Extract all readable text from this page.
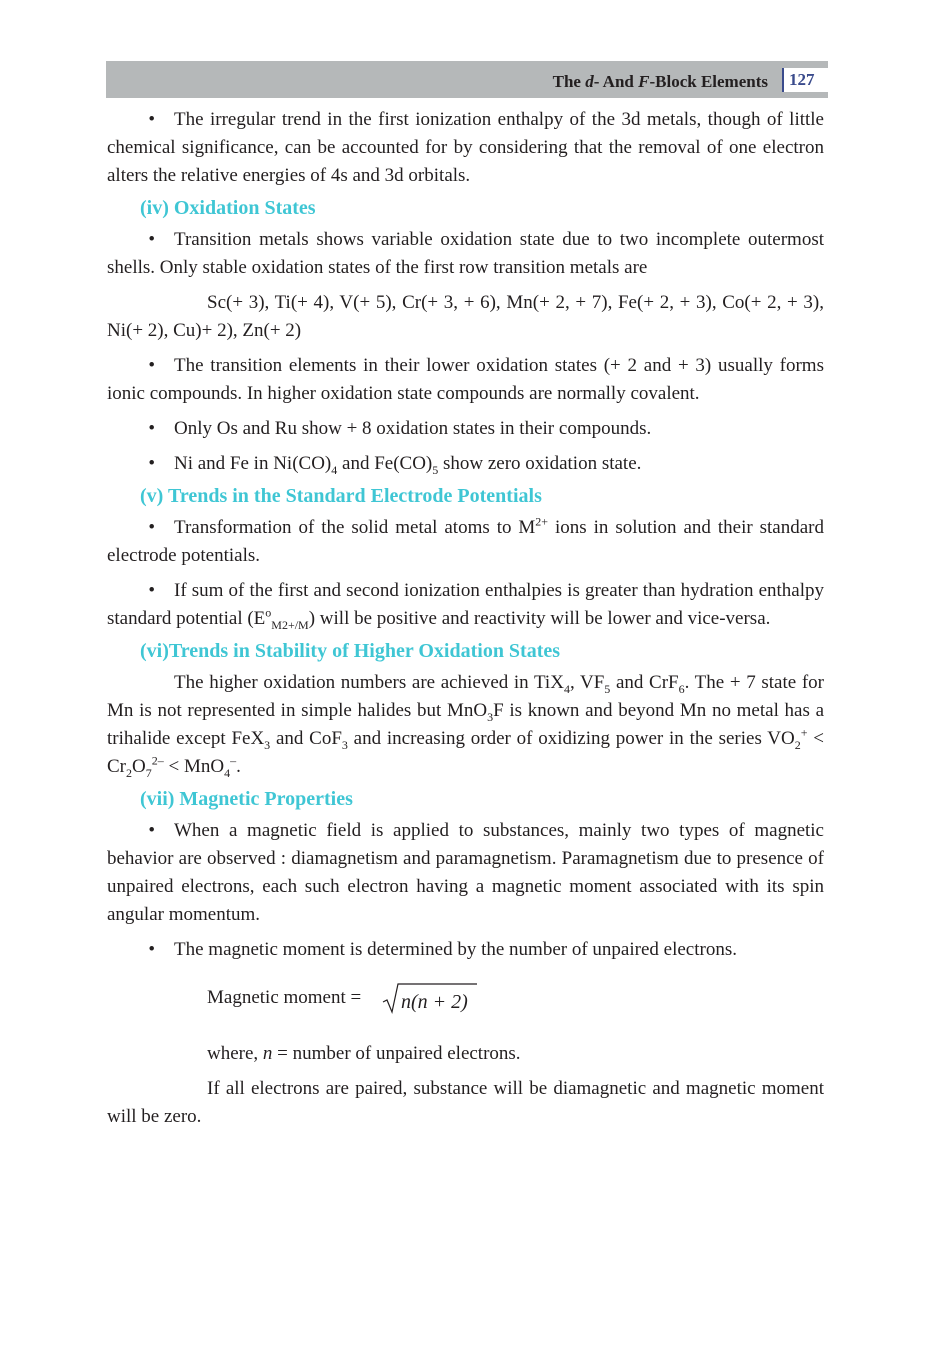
The d- And F-Block Elements 127

• The irregular trend in the first ionization enthalpy of the 3d metals, though of little chemical significance, can be accounted for by considering that the removal of one electron alters the relative energies of 4s and 3d orbitals.

(iv) Oxidation States

• Transition metals shows variable oxidation state due to two incomplete outermost shells. Only stable oxidation states of the first row transition metals are

Sc(+ 3), Ti(+ 4), V(+ 5), Cr(+ 3, + 6), Mn(+ 2, + 7), Fe(+ 2, + 3), Co(+ 2, + 3), Ni(+ 2), Cu)+ 2), Zn(+ 2)

• The transition elements in their lower oxidation states (+ 2 and + 3) usually forms ionic compounds. In higher oxidation state compounds are normally covalent.

• Only Os and Ru show + 8 oxidation states in their compounds.

• Ni and Fe in $Ni(CO)_4$ and $Fe(CO)_5$ show zero oxidation state.

(v) Trends in the Standard Electrode Potentials

• Transformation of the solid metal atoms to $M^{2+}$ ions in solution and their standard electrode potentials.

• If sum of the first and second ionization enthalpies is greater than hydration enthalpy standard potential $(E^o_{M2+/M})$ will be positive and reactivity will be lower and vice-versa.

(vi)Trends in Stability of Higher Oxidation States

The higher oxidation numbers are achieved in TiX$_4$, $VF_5$ and CrF$_6$. The + 7 state for Mn is not represented in simple halides but MnO$_3$F is known and beyond Mn no metal has a trihalide except FeX$_3$ and CoF$_3$ and increasing order of oxidizing power in the series $VO_2^+ < Cr_2O_7^{2-} < MnO_4^-$.

(vii) Magnetic Properties

• When a magnetic field is applied to substances, mainly two types of magnetic behavior are observed : diamagnetism and paramagnetism. Paramagnetism due to presence of unpaired electrons, each such electron having a magnetic moment associated with its spin angular momentum.

• The magnetic moment is determined by the number of unpaired electrons.

Magnetic moment = n(n + 2)

where, n = number of unpaired electrons.

If all electrons are paired, substance will be diamagnetic and magnetic moment will be zero.
